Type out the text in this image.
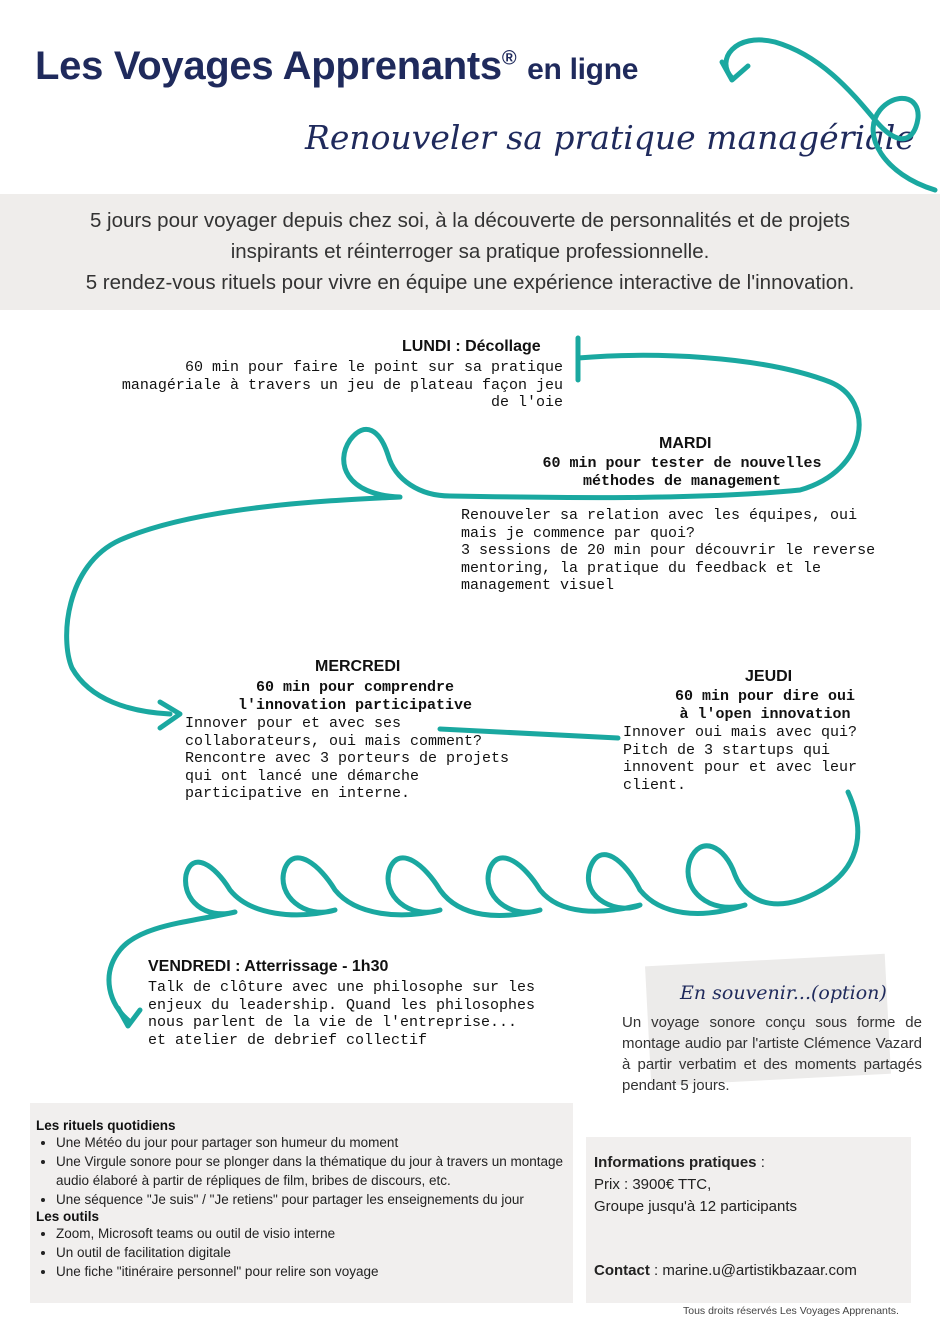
Les Voyages Apprenants® en ligne
Renouveler sa pratique managériale
5 jours pour voyager depuis chez soi, à la découverte de personnalités et de projets
inspirants et réinterroger sa pratique professionnelle.
5 rendez-vous rituels pour vivre en équipe une expérience interactive de l'innovation.
LUNDI : Décollage
60 min pour faire le point sur sa pratique
managériale à travers un jeu de plateau façon jeu
de l'oie
MARDI
60 min pour tester de nouvelles
méthodes de management
Renouveler sa relation avec les équipes, oui
mais je commence par quoi?
3 sessions de 20 min pour découvrir le reverse
mentoring, la pratique du feedback et le
management visuel
MERCREDI
60 min pour comprendre
l'innovation participative
Innover pour et avec ses
collaborateurs, oui mais comment?
Rencontre avec 3 porteurs de projets
qui ont lancé une démarche
participative en interne.
JEUDI
60 min pour dire oui
à l'open innovation
Innover oui mais avec qui?
Pitch de 3 startups qui
innovent pour et avec leur
client.
VENDREDI : Atterrissage - 1h30
Talk de clôture avec une philosophe sur les
enjeux du leadership. Quand les philosophes
nous parlent de la vie de l'entreprise...
et atelier de debrief collectif
En souvenir...(option)
Un voyage sonore conçu sous forme de montage audio par l'artiste Clémence Vazard à partir verbatim et des moments partagés pendant 5 jours.
Les rituels quotidiens
• Une Météo du jour pour partager son humeur du moment
• Une Virgule sonore pour se plonger dans la thématique du jour à travers un montage audio élaboré à partir de répliques de film, bribes de discours, etc.
• Une séquence "Je suis" / "Je retiens" pour partager les enseignements du jour
Les outils
• Zoom, Microsoft teams ou outil de visio interne
• Un outil de facilitation digitale
• Une fiche "itinéraire personnel" pour relire son voyage
Informations pratiques :
Prix : 3900€ TTC,
Groupe jusqu'à 12 participants
Contact : marine.u@artistikbazaar.com
Tous droits réservés Les Voyages Apprenants.
